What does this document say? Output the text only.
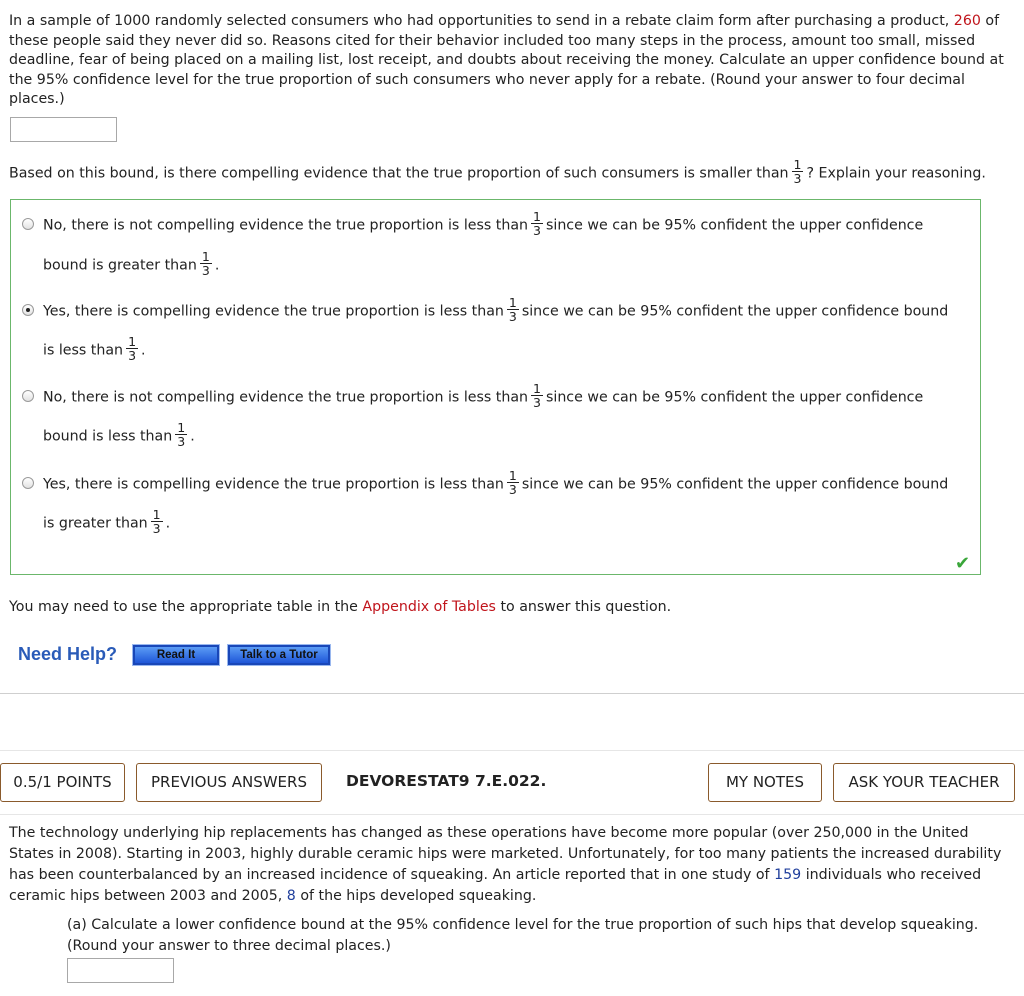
In a sample of 1000 randomly selected consumers who had opportunities to send in a rebate claim form after purchasing a product, 260 of these people said they never did so. Reasons cited for their behavior included too many steps in the process, amount too small, missed deadline, fear of being placed on a mailing list, lost receipt, and doubts about receiving the money. Calculate an upper confidence bound at the 95% confidence level for the true proportion of such consumers who never apply for a rebate. (Round your answer to four decimal places.)
Based on this bound, is there compelling evidence that the true proportion of such consumers is smaller than $\frac{1}{3}$ ? Explain your reasoning.
No, there is not compelling evidence the true proportion is less than $\frac{1}{3}$ since we can be 95% confident the upper confidence
bound is greater than $\frac{1}{3}$ .
Yes, there is compelling evidence the true proportion is less than $\frac{1}{3}$ since we can be 95% confident the upper confidence bound
is less than $\frac{1}{3}$ .
No, there is not compelling evidence the true proportion is less than $\frac{1}{3}$ since we can be 95% confident the upper confidence
bound is less than $\frac{1}{3}$ .
Yes, there is compelling evidence the true proportion is less than $\frac{1}{3}$ since we can be 95% confident the upper confidence bound
is greater than $\frac{1}{3}$ .
✔
You may need to use the appropriate table in the Appendix of Tables to answer this question.
Need Help?	Read It	Talk to a Tutor
0.5/1 POINTS	PREVIOUS ANSWERS	DEVORESTAT9 7.E.022.	MY NOTES	ASK YOUR TEACHER
The technology underlying hip replacements has changed as these operations have become more popular (over 250,000 in the United States in 2008). Starting in 2003, highly durable ceramic hips were marketed. Unfortunately, for too many patients the increased durability has been counterbalanced by an increased incidence of squeaking. An article reported that in one study of 159 individuals who received ceramic hips between 2003 and 2005, 8 of the hips developed squeaking.
(a) Calculate a lower confidence bound at the 95% confidence level for the true proportion of such hips that develop squeaking. (Round your answer to three decimal places.)
